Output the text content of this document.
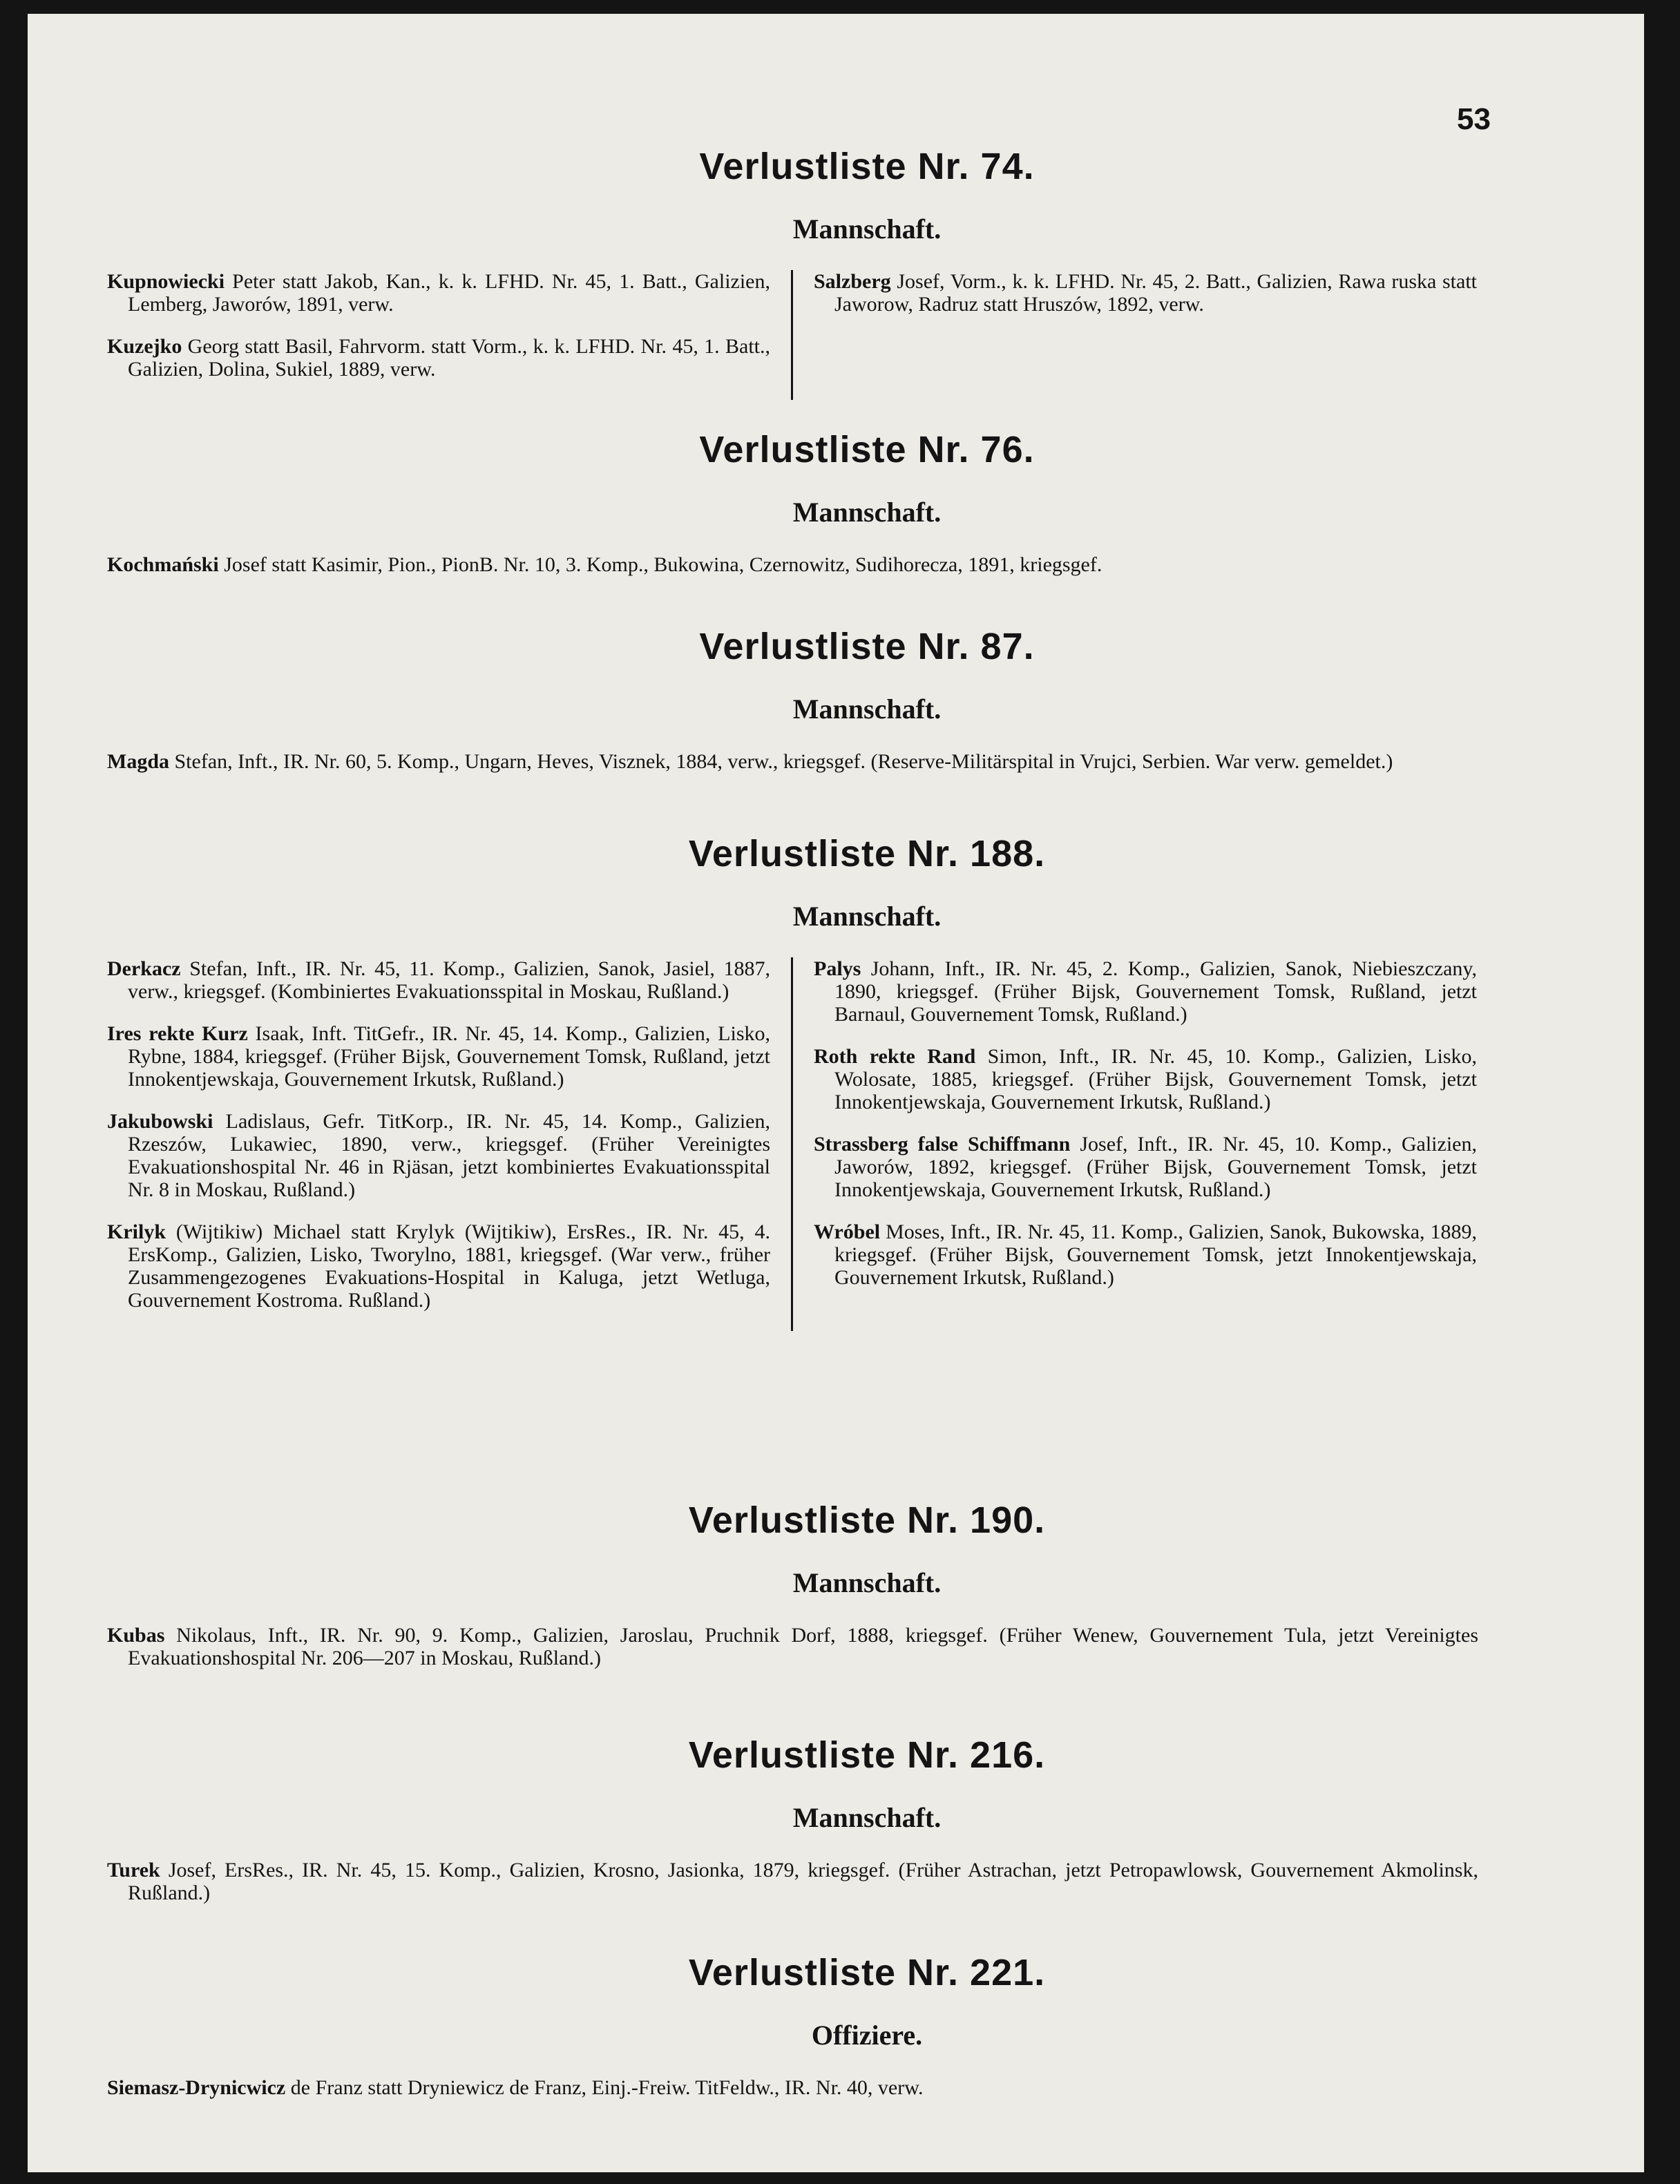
53
Verlustliste Nr. 74.
Mannschaft.

Kupnowiecki Peter statt Jakob, Kan., k. k. LFHD. Nr. 45, 1. Batt., Galizien, Lemberg, Jaworów, 1891, verw.

Kuzejko Georg statt Basil, Fahrvorm. statt Vorm., k. k. LFHD. Nr. 45, 1. Batt., Galizien, Dolina, Sukiel, 1889, verw.

Salzberg Josef, Vorm., k. k. LFHD. Nr. 45, 2. Batt., Galizien, Rawa ruska statt Jaworow, Radruz statt Hruszów, 1892, verw.

Verlustliste Nr. 76.
Mannschaft.

Kochmański Josef statt Kasimir, Pion., PionB. Nr. 10, 3. Komp., Bukowina, Czernowitz, Sudihorecza, 1891, kriegsgef.

Verlustliste Nr. 87.
Mannschaft.

Magda Stefan, Inft., IR. Nr. 60, 5. Komp., Ungarn, Heves, Visznek, 1884, verw., kriegsgef. (Reserve-Militärspital in Vrujci, Serbien. War verw. gemeldet.)

Verlustliste Nr. 188.
Mannschaft.

Derkacz Stefan, Inft., IR. Nr. 45, 11. Komp., Galizien, Sanok, Jasiel, 1887, verw., kriegsgef. (Kombiniertes Evakuationsspital in Moskau, Rußland.)

Ires rekte Kurz Isaak, Inft. TitGefr., IR. Nr. 45, 14. Komp., Galizien, Lisko, Rybne, 1884, kriegsgef. (Früher Bijsk, Gouvernement Tomsk, Rußland, jetzt Innokentjewskaja, Gouvernement Irkutsk, Rußland.)

Jakubowski Ladislaus, Gefr. TitKorp., IR. Nr. 45, 14. Komp., Galizien, Rzeszów, Lukawiec, 1890, verw., kriegsgef. (Früher Vereinigtes Evakuationshospital Nr. 46 in Rjäsan, jetzt kombiniertes Evakuationsspital Nr. 8 in Moskau, Rußland.)

Krilyk (Wijtikiw) Michael statt Krylyk (Wijtikiw), ErsRes., IR. Nr. 45, 4. ErsKomp., Galizien, Lisko, Tworylno, 1881, kriegsgef. (War verw., früher Zusammengezogenes Evakuations-Hospital in Kaluga, jetzt Wetluga, Gouvernement Kostroma. Rußland.)

Palys Johann, Inft., IR. Nr. 45, 2. Komp., Galizien, Sanok, Niebieszczany, 1890, kriegsgef. (Früher Bijsk, Gouvernement Tomsk, Rußland, jetzt Barnaul, Gouvernement Tomsk, Rußland.)

Roth rekte Rand Simon, Inft., IR. Nr. 45, 10. Komp., Galizien, Lisko, Wolosate, 1885, kriegsgef. (Früher Bijsk, Gouvernement Tomsk, jetzt Innokentjewskaja, Gouvernement Irkutsk, Rußland.)

Strassberg false Schiffmann Josef, Inft., IR. Nr. 45, 10. Komp., Galizien, Jaworów, 1892, kriegsgef. (Früher Bijsk, Gouvernement Tomsk, jetzt Innokentjewskaja, Gouvernement Irkutsk, Rußland.)

Wróbel Moses, Inft., IR. Nr. 45, 11. Komp., Galizien, Sanok, Bukowska, 1889, kriegsgef. (Früher Bijsk, Gouvernement Tomsk, jetzt Innokentjewskaja, Gouvernement Irkutsk, Rußland.)

Verlustliste Nr. 190.
Mannschaft.

Kubas Nikolaus, Inft., IR. Nr. 90, 9. Komp., Galizien, Jaroslau, Pruchnik Dorf, 1888, kriegsgef. (Früher Wenew, Gouvernement Tula, jetzt Vereinigtes Evakuationshospital Nr. 206—207 in Moskau, Rußland.)

Verlustliste Nr. 216.
Mannschaft.

Turek Josef, ErsRes., IR. Nr. 45, 15. Komp., Galizien, Krosno, Jasionka, 1879, kriegsgef. (Früher Astrachan, jetzt Petropawlowsk, Gouvernement Akmolinsk, Rußland.)

Verlustliste Nr. 221.
Offiziere.

Siemasz-Drynicwicz de Franz statt Dryniewicz de Franz, Einj.-Freiw. TitFeldw., IR. Nr. 40, verw.
